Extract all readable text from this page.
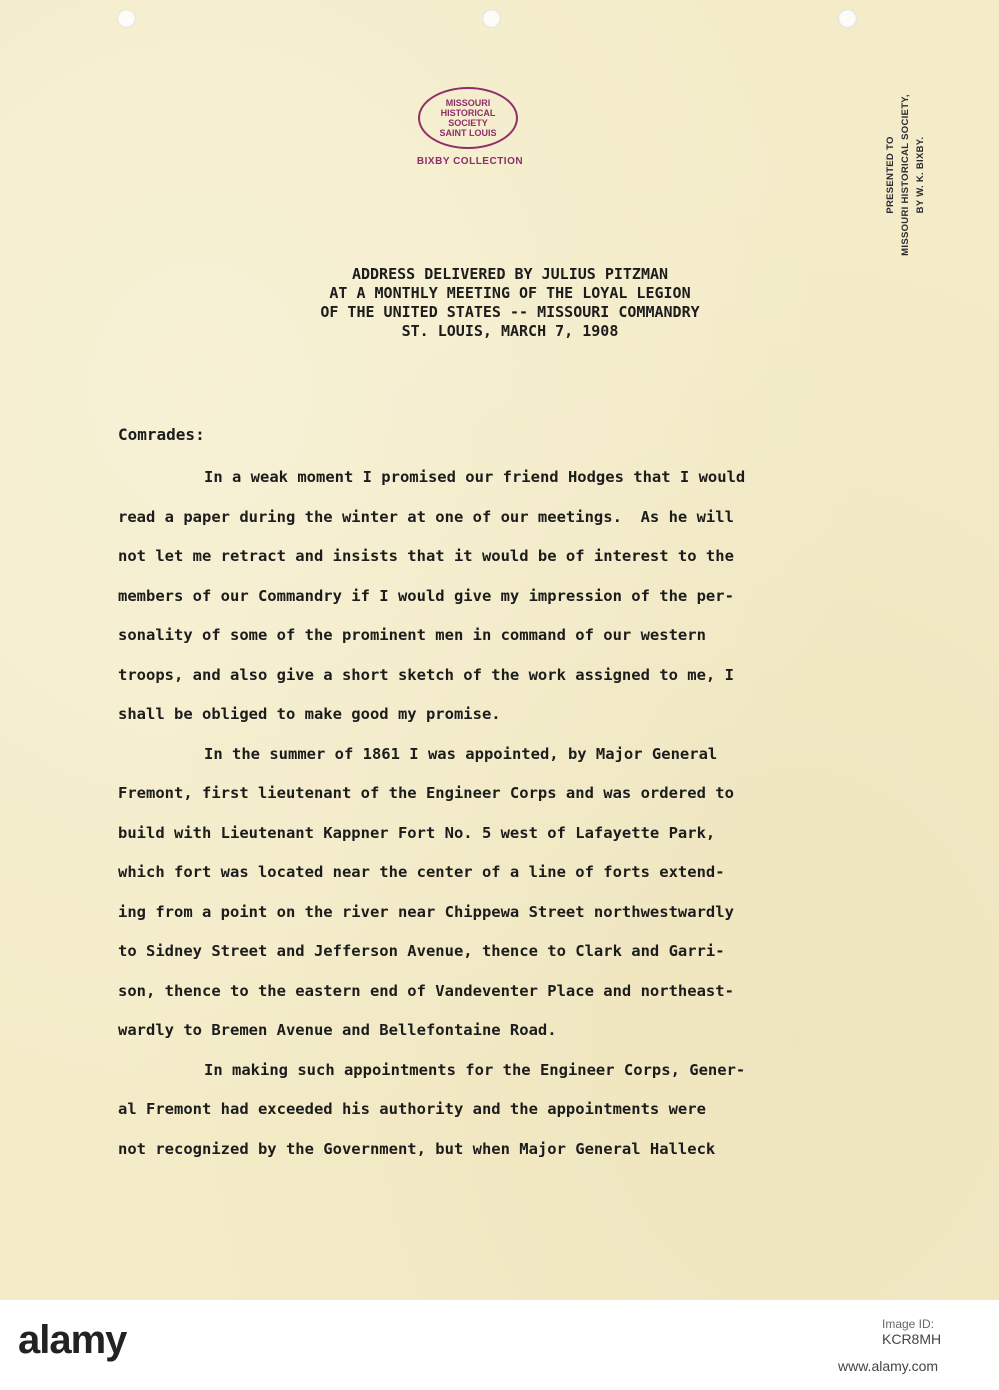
MISSOURI
HISTORICAL
SOCIETY
SAINT LOUIS
BIXBY COLLECTION	PRESENTED TO MISSOURI HISTORICAL SOCIETY, BY W. K. BIXBY.
ADDRESS DELIVERED BY JULIUS PITZMAN
AT A MONTHLY MEETING OF THE LOYAL LEGION
OF THE UNITED STATES -- MISSOURI COMMANDRY
ST. LOUIS, MARCH 7, 1908
Comrades:
In a weak moment I promised our friend Hodges that I would
read a paper during the winter at one of our meetings.  As he will
not let me retract and insists that it would be of interest to the
members of our Commandry if I would give my impression of the per-
sonality of some of the prominent men in command of our western
troops, and also give a short sketch of the work assigned to me, I
shall be obliged to make good my promise.
In the summer of 1861 I was appointed, by Major General
Fremont, first lieutenant of the Engineer Corps and was ordered to
build with Lieutenant Kappner Fort No. 5 west of Lafayette Park,
which fort was located near the center of a line of forts extend-
ing from a point on the river near Chippewa Street northwestwardly
to Sidney Street and Jefferson Avenue, thence to Clark and Garri-
son, thence to the eastern end of Vandeventer Place and northeast-
wardly to Bremen Avenue and Bellefontaine Road.
In making such appointments for the Engineer Corps, Gener-
al Fremont had exceeded his authority and the appointments were
not recognized by the Government, but when Major General Halleck
alamy	Image ID:
KCR8MH
www.alamy.com
